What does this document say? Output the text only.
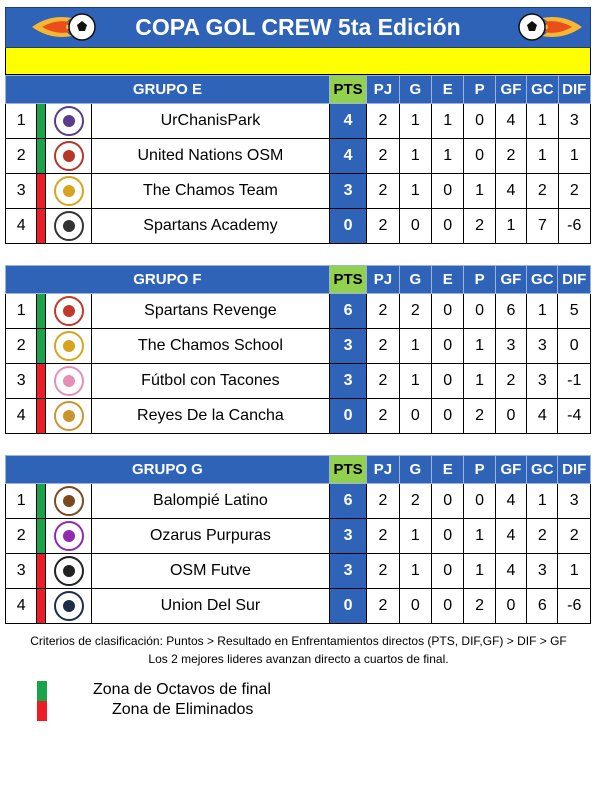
COPA GOL CREW 5ta Edición
GRUPO E				PTS	PJ	G	E	P	GF	GC	DIF
1			UrChanisPark	4	2	1	1	0	4	1	3
2			United Nations OSM	4	2	1	1	0	2	1	1
3			The Chamos Team	3	2	1	0	1	4	2	2
4			Spartans Academy	0	2	0	0	2	1	7	-6
GRUPO F				PTS	PJ	G	E	P	GF	GC	DIF
1			Spartans Revenge	6	2	2	0	0	6	1	5
2			The Chamos School	3	2	1	0	1	3	3	0
3			Fútbol con Tacones	3	2	1	0	1	2	3	-1
4			Reyes De la Cancha	0	2	0	0	2	0	4	-4
GRUPO G				PTS	PJ	G	E	P	GF	GC	DIF
1			Balompié Latino	6	2	2	0	0	4	1	3
2			Ozarus Purpuras	3	2	1	0	1	4	2	2
3			OSM Futve	3	2	1	0	1	4	3	1
4			Union Del Sur	0	2	0	0	2	0	6	-6
Criterios de clasificación: Puntos > Resultado en Enfrentamientos directos (PTS, DIF,GF) > DIF > GF
Los 2 mejores lideres avanzan directo a cuartos de final.
Zona de Octavos de final
Zona de Eliminados
